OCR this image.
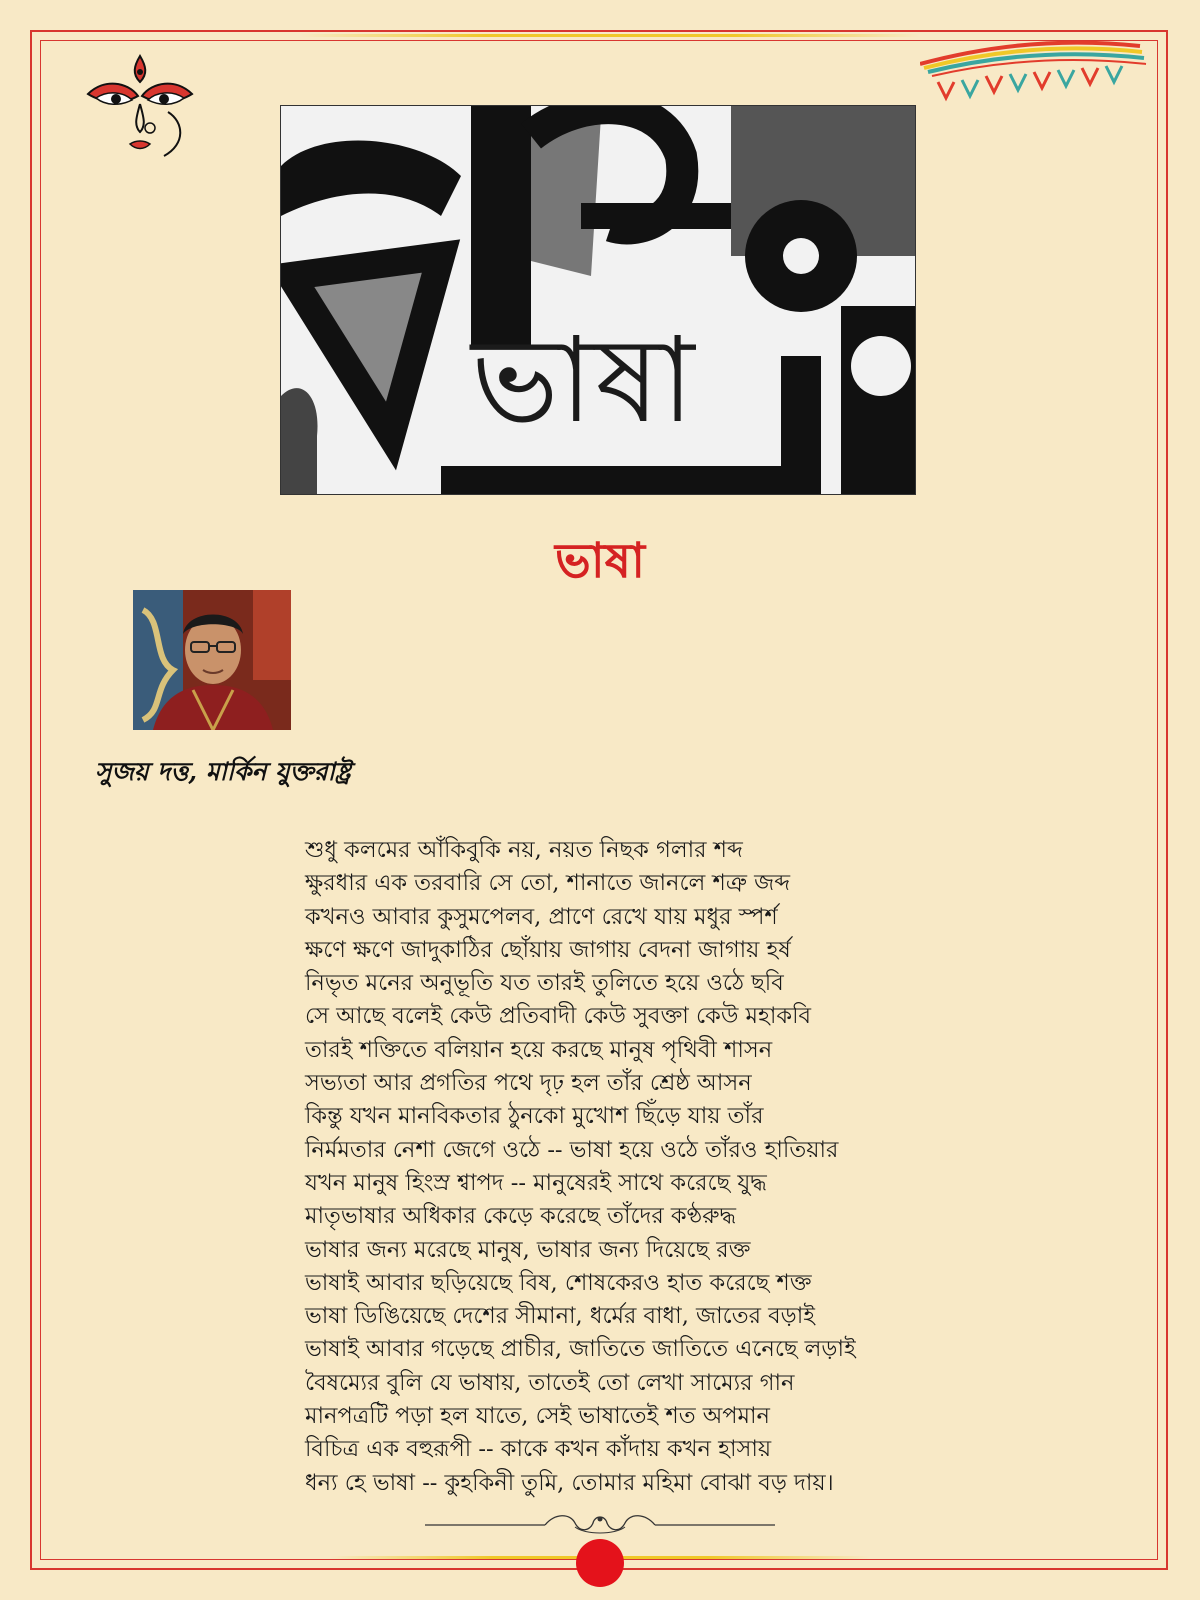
ভাষা
ভাষা
সুজয় দত্ত, মার্কিন যুক্তরাষ্ট্র
শুধু কলমের আঁকিবুকি নয়, নয়ত নিছক গলার শব্দ
ক্ষুরধার এক তরবারি সে তো, শানাতে জানলে শত্রু জব্দ
কখনও আবার কুসুমপেলব, প্রাণে রেখে যায় মধুর স্পর্শ
ক্ষণে ক্ষণে জাদুকাঠির ছোঁয়ায় জাগায় বেদনা জাগায় হর্ষ
নিভৃত মনের অনুভূতি যত তারই তুলিতে হয়ে ওঠে ছবি
সে আছে বলেই কেউ প্রতিবাদী কেউ সুবক্তা কেউ মহাকবি
তারই শক্তিতে বলিয়ান হয়ে করছে মানুষ পৃথিবী শাসন
সভ্যতা আর প্রগতির পথে দৃঢ় হল তাঁর শ্রেষ্ঠ আসন
কিন্তু যখন মানবিকতার ঠুনকো মুখোশ ছিঁড়ে যায় তাঁর
নির্মমতার নেশা জেগে ওঠে -- ভাষা হয়ে ওঠে তাঁরও হাতিয়ার
যখন মানুষ হিংস্র শ্বাপদ -- মানুষেরই সাথে করেছে যুদ্ধ
মাতৃভাষার অধিকার কেড়ে করেছে তাঁদের কণ্ঠরুদ্ধ
ভাষার জন্য মরেছে মানুষ, ভাষার জন্য দিয়েছে রক্ত
ভাষাই আবার ছড়িয়েছে বিষ, শোষকেরও হাত করেছে শক্ত
ভাষা ডিঙিয়েছে দেশের সীমানা, ধর্মের বাধা, জাতের বড়াই
ভাষাই আবার গড়েছে প্রাচীর, জাতিতে জাতিতে এনেছে লড়াই
বৈষম্যের বুলি যে ভাষায়, তাতেই তো লেখা সাম্যের গান
মানপত্রটি পড়া হল যাতে, সেই ভাষাতেই শত অপমান
বিচিত্র এক বহুরূপী -- কাকে কখন কাঁদায় কখন হাসায়
ধন্য হে ভাষা -- কুহকিনী তুমি, তোমার মহিমা বোঝা বড় দায়।
